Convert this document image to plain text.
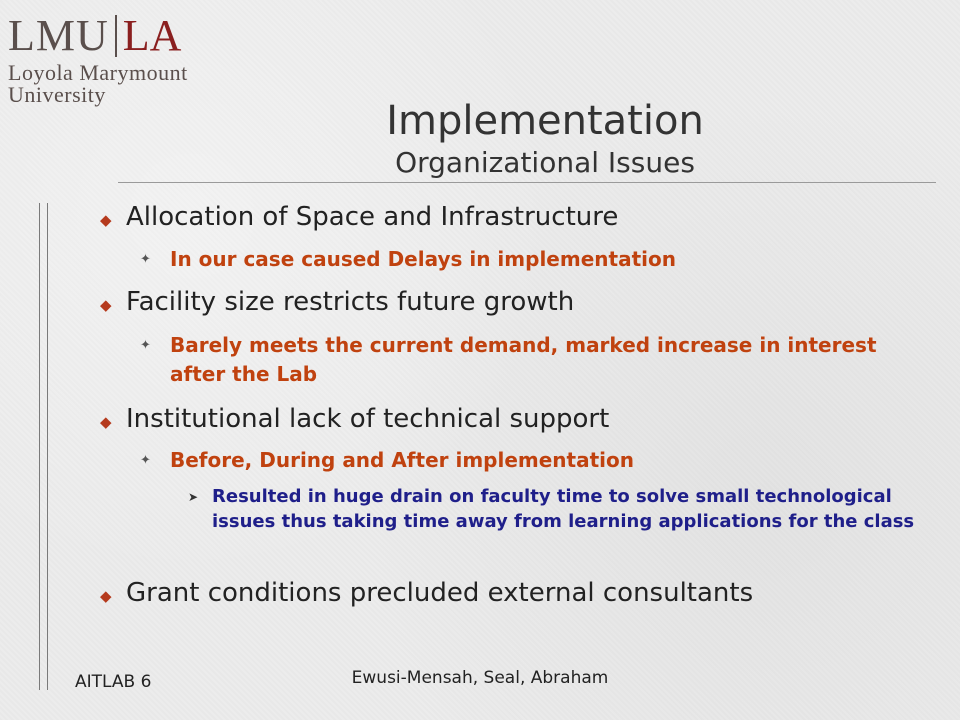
LMU LA
Loyola Marymount
University
Implementation
Organizational Issues
◆ Allocation of Space and Infrastructure
✦ In our case caused Delays in implementation
◆ Facility size restricts future growth
✦ Barely meets the current demand, marked increase in interest after the Lab
◆ Institutional lack of technical support
✦ Before, During and After implementation
➤ Resulted in huge drain on faculty time to solve small technological issues thus taking time away from learning applications for the class
◆ Grant conditions precluded external consultants
AITLAB 6	Ewusi-Mensah, Seal, Abraham
